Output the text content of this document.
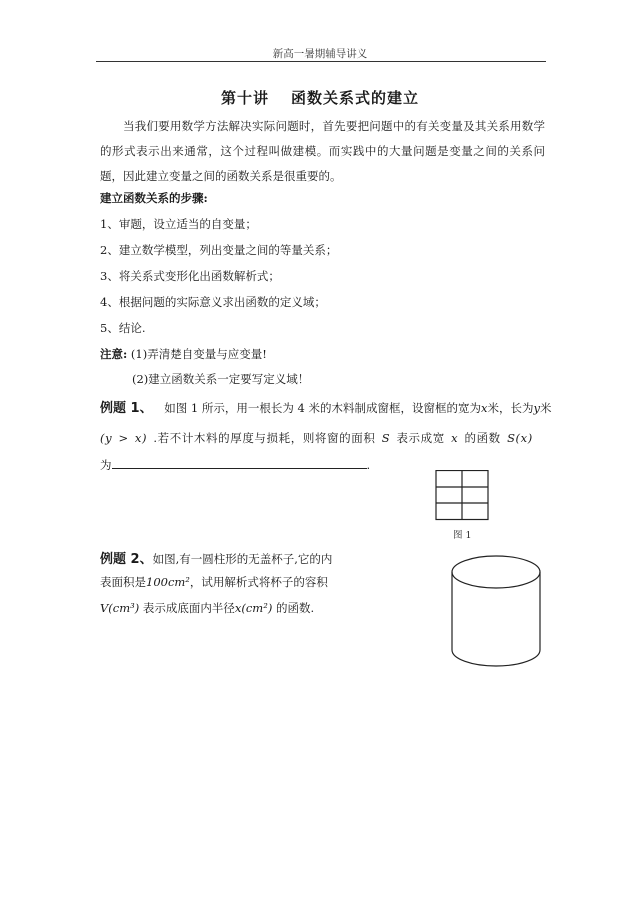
新高一暑期辅导讲义
第十讲 函数关系式的建立
当我们要用数学方法解决实际问题时，首先要把问题中的有关变量及其关系用数学的形式表示出来通常，这个过程叫做建模。而实践中的大量问题是变量之间的关系问题，因此建立变量之间的函数关系是很重要的。
建立函数关系的步骤:
1、审题，设立适当的自变量；
2、建立数学模型，列出变量之间的等量关系；
3、将关系式变形化出函数解析式；
4、根据问题的实际意义求出函数的定义域；
5、结论.
注意: (1)弄清楚自变量与应变量!
(2)建立函数关系一定要写定义域！
例题 1、 如图 1 所示，用一根长为 4 米的木料制成窗框，设窗框的宽为x米，长为y米
(y > x) .若不计木料的厚度与损耗，则将窗的面积 S 表示成宽 x 的函数 S(x)
为	.
图 1
例题 2、如图,有一圆柱形的无盖杯子,它的内
表面积是100cm²，试用解析式将杯子的容积
V(cm³) 表示成底面内半径x(cm²) 的函数.
